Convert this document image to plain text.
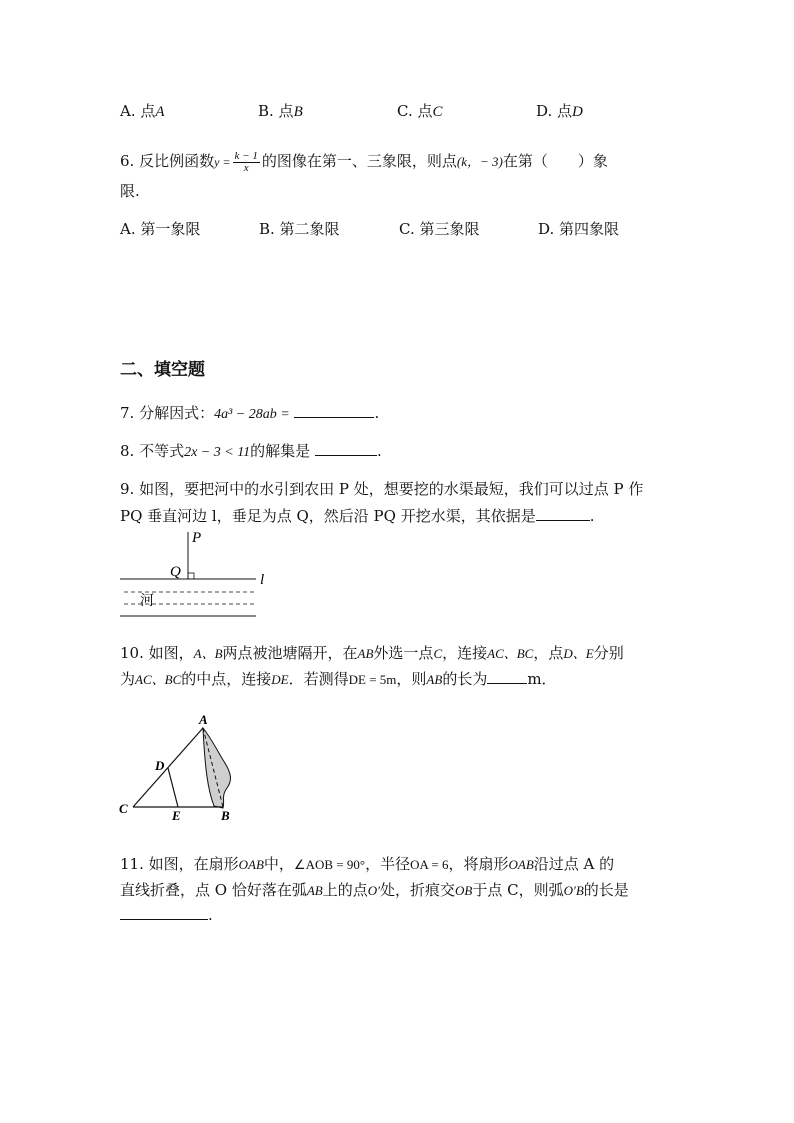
A. 点A	B. 点B	C. 点C	D. 点D
6. 反比例函数$y = \frac{k - 1}{x}$ 的图像在第一、三象限，则点(k，− 3)在第（　　）象
限.
A. 第一象限	B. 第二象限	C. 第三象限	D. 第四象限
二、填空题
7. 分解因式：4a³ − 28ab =	.
8. 不等式2x − 3 < 11的解集是	.
9. 如图，要把河中的水引到农田 P 处，想要挖的水渠最短，我们可以过点 P 作
PQ 垂直河边 l，垂足为点 Q，然后沿 PQ 开挖水渠，其依据是	.
P
Q	l
河
10. 如图，A、B两点被池塘隔开，在AB外选一点C，连接AC、BC，点D、E分别
为AC、BC的中点，连接DE．若测得DE = 5m，则AB的长为	m．
A
B
C
D
E
11. 如图，在扇形OAB中，∠AOB = 90°，半径OA = 6，将扇形OAB沿过点 A 的
直线折叠，点 O 恰好落在弧AB上的点O′处，折痕交OB于点 C，则弧O′B的长是
.
